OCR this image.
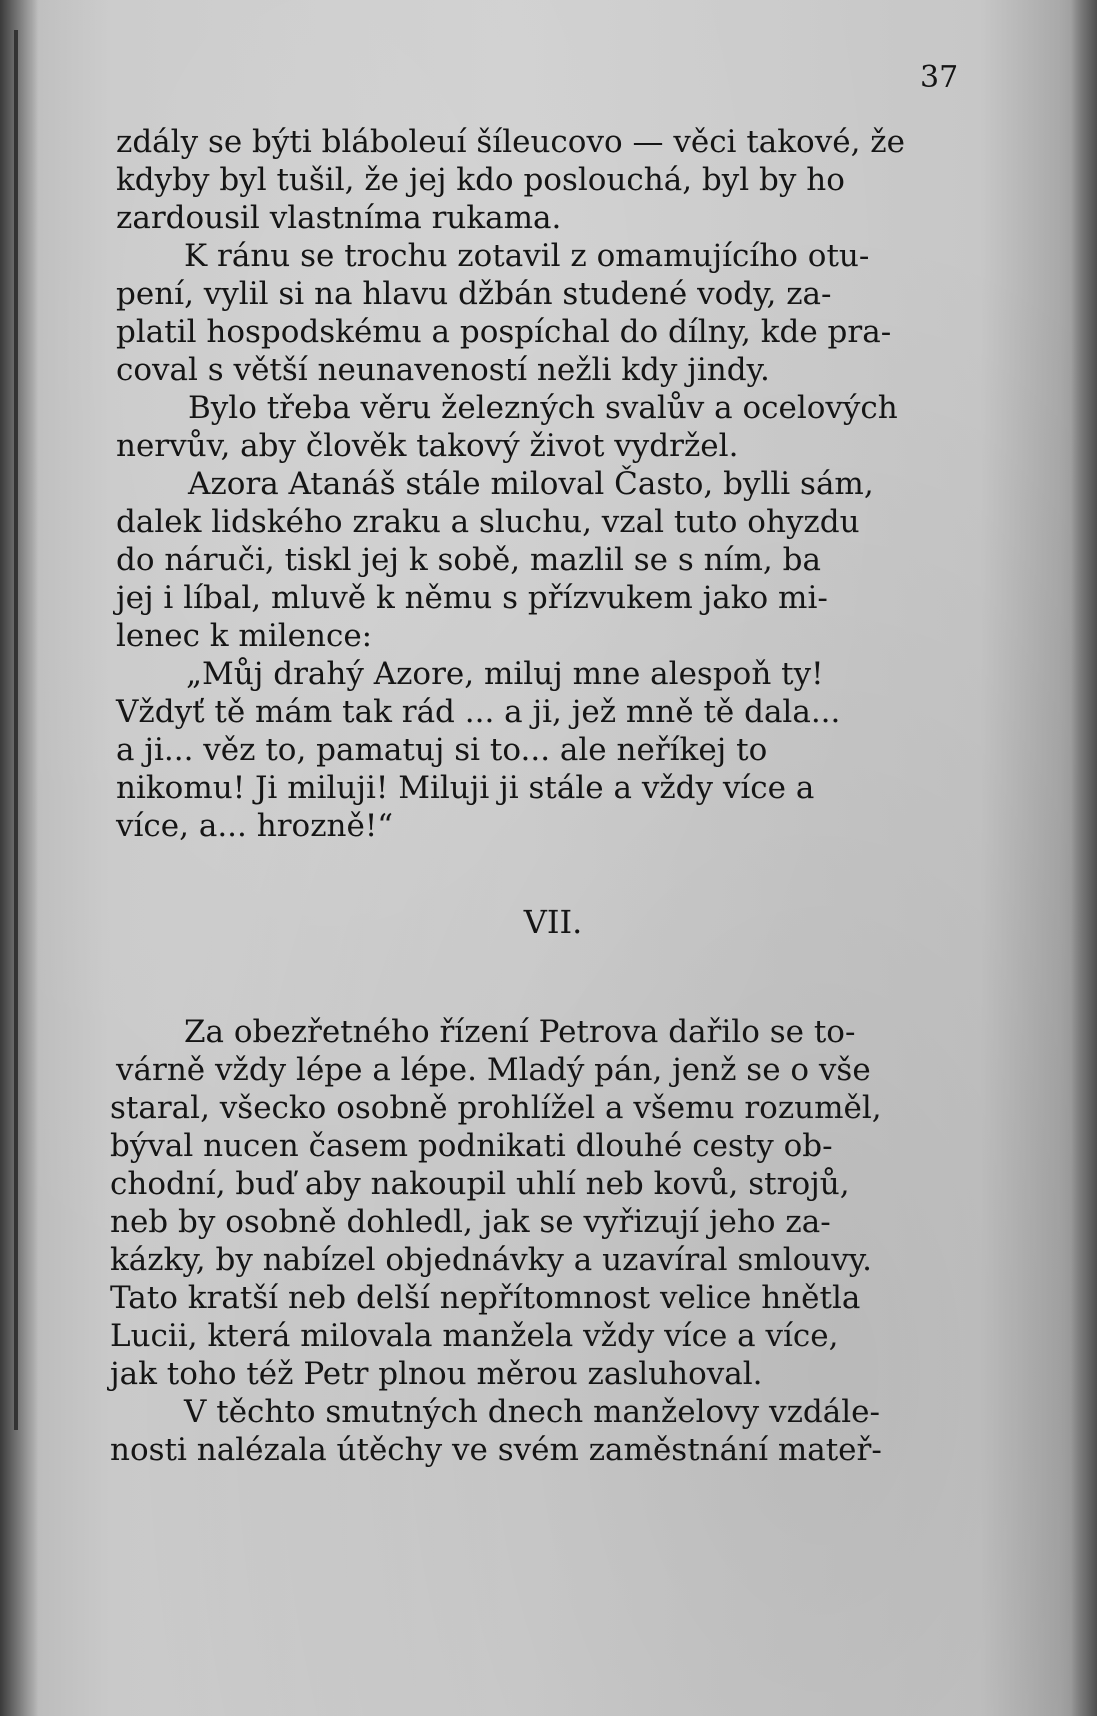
37
zdály se býti bláboleuí šíleucovo — věci takové, že
kdyby byl tušil, že jej kdo poslouchá, byl by ho
zardousil vlastníma rukama.
K ránu se trochu zotavil z omamujícího otu-
pení, vylil si na hlavu džbán studené vody, za-
platil hospodskému a pospíchal do dílny, kde pra-
coval s větší neunaveností nežli kdy jindy.
Bylo třeba věru železných svalův a ocelových
nervův, aby člověk takový život vydržel.
Azora Atanáš stále miloval Často, bylli sám,
dalek lidského zraku a sluchu, vzal tuto ohyzdu
do náruči, tiskl jej k sobě, mazlil se s ním, ba
jej i líbal, mluvě k němu s přízvukem jako mi-
lenec k milence:
„Můj drahý Azore, miluj mne alespoň ty!
Vždyť tě mám tak rád ... a ji, jež mně tě dala...
a ji... věz to, pamatuj si to... ale neříkej to
nikomu! Ji miluji! Miluji ji stále a vždy více a
více, a... hrozně!“
VII.
Za obezřetného řízení Petrova dařilo se to-
várně vždy lépe a lépe. Mladý pán, jenž se o vše
staral, všecko osobně prohlížel a všemu rozuměl,
býval nucen časem podnikati dlouhé cesty ob-
chodní, buď aby nakoupil uhlí neb kovů, strojů,
neb by osobně dohledl, jak se vyřizují jeho za-
kázky, by nabízel objednávky a uzavíral smlouvy.
Tato kratší neb delší nepřítomnost velice hnětla
Lucii, která milovala manžela vždy více a více,
jak toho též Petr plnou měrou zasluhoval.
V těchto smutných dnech manželovy vzdále-
nosti nalézala útěchy ve svém zaměstnání mateř-
